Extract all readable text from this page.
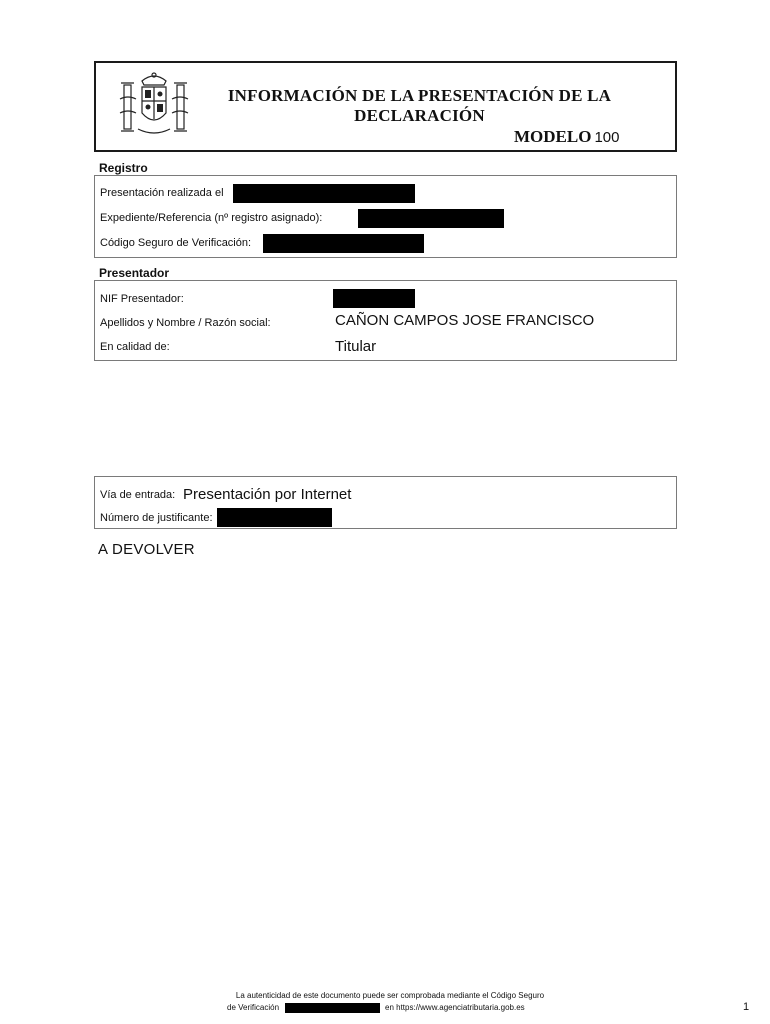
INFORMACIÓN DE LA PRESENTACIÓN DE LA
DECLARACIÓN
MODELO 100
Registro
Presentación realizada el
Expediente/Referencia (nº registro asignado):
Código Seguro de Verificación:
Presentador
NIF Presentador:
Apellidos y Nombre / Razón social:	CAÑON CAMPOS JOSE FRANCISCO
En calidad de:	Titular
Vía de entrada: Presentación por Internet
Número de justificante:
A DEVOLVER
La autenticidad de este documento puede ser comprobada mediante el Código Seguro
de Verificación	en https://www.agenciatributaria.gob.es	1
